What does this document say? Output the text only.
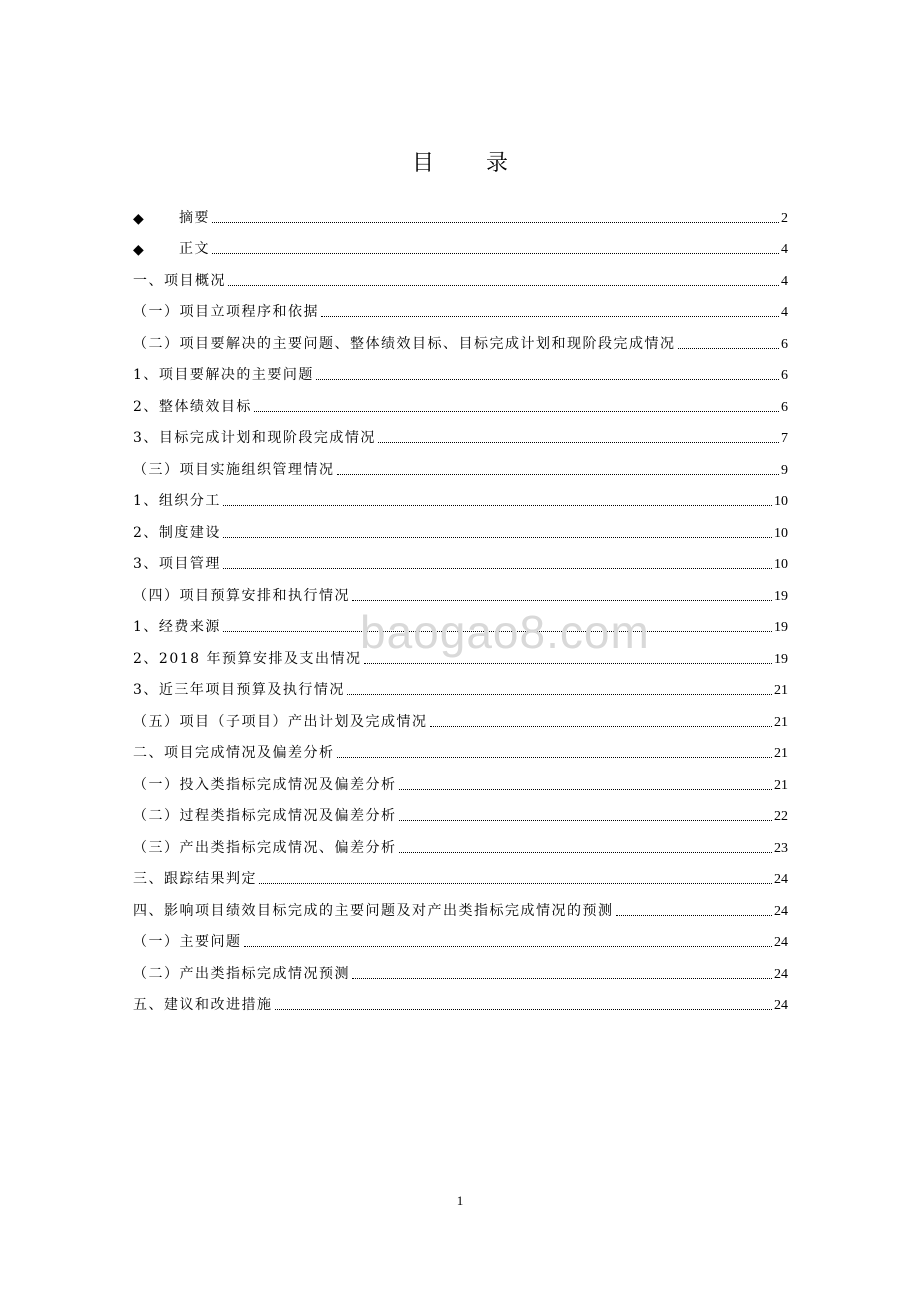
目 录
◆	摘要	2
◆	正文	4
一、项目概况	4
（一）项目立项程序和依据	4
（二）项目要解决的主要问题、整体绩效目标、目标完成计划和现阶段完成情况	6
1、项目要解决的主要问题	6
2、整体绩效目标	6
3、目标完成计划和现阶段完成情况	7
（三）项目实施组织管理情况	9
1、组织分工	10
2、制度建设	10
3、项目管理	10
（四）项目预算安排和执行情况	19
1、经费来源	19
2、2018 年预算安排及支出情况	19
3、近三年项目预算及执行情况	21
（五）项目（子项目）产出计划及完成情况	21
二、项目完成情况及偏差分析	21
（一）投入类指标完成情况及偏差分析	21
（二）过程类指标完成情况及偏差分析	22
（三）产出类指标完成情况、偏差分析	23
三、跟踪结果判定	24
四、影响项目绩效目标完成的主要问题及对产出类指标完成情况的预测	24
（一）主要问题	24
（二）产出类指标完成情况预测	24
五、建议和改进措施	24
baogao8.com
1
